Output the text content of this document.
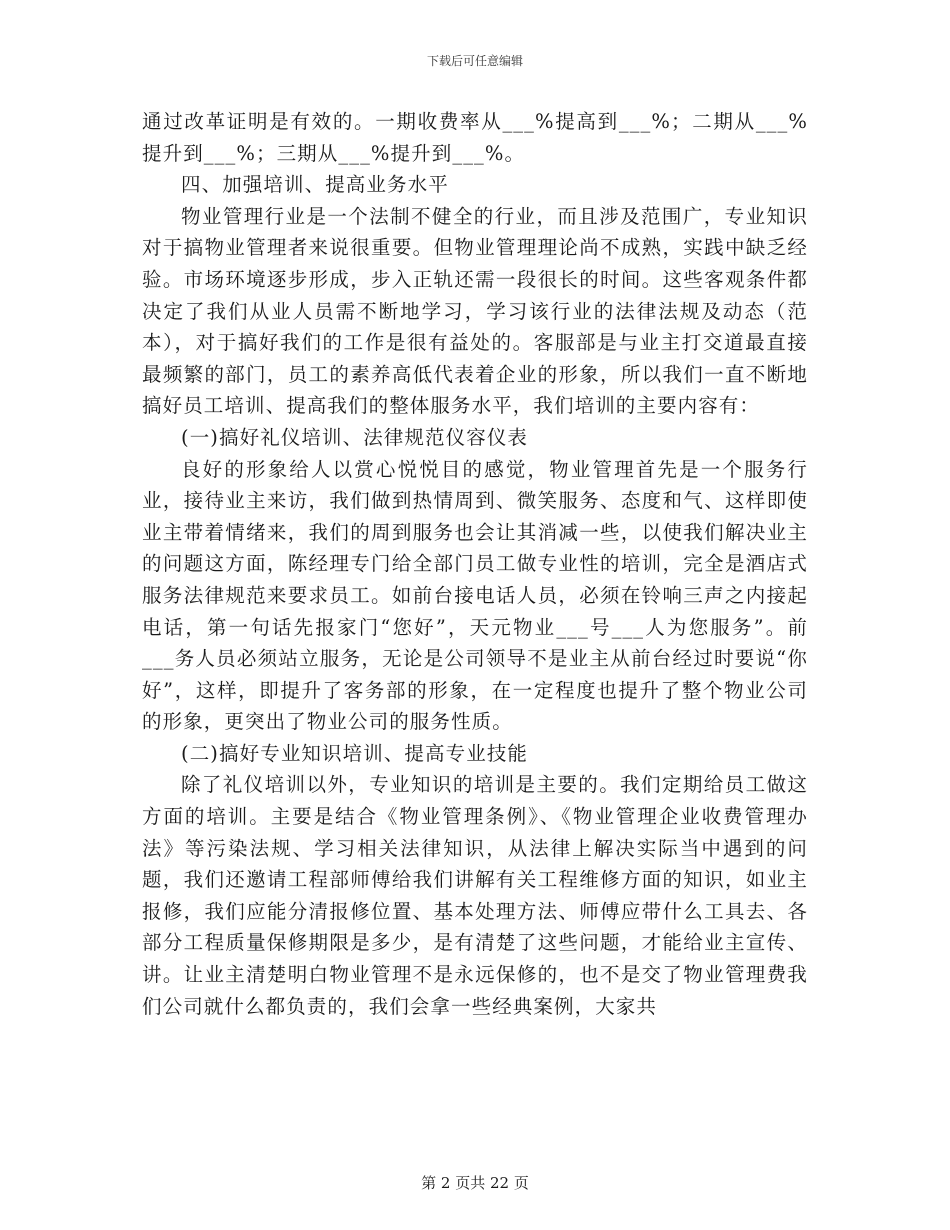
下载后可任意编辑

通过改革证明是有效的。一期收费率从___%提高到___%；二期从___%提升到___%；三期从___%提升到___%。

四、加强培训、提高业务水平

物业管理行业是一个法制不健全的行业，而且涉及范围广，专业知识对于搞物业管理者来说很重要。但物业管理理论尚不成熟，实践中缺乏经验。市场环境逐步形成，步入正轨还需一段很长的时间。这些客观条件都决定了我们从业人员需不断地学习，学习该行业的法律法规及动态（范本），对于搞好我们的工作是很有益处的。客服部是与业主打交道最直接最频繁的部门，员工的素养高低代表着企业的形象，所以我们一直不断地搞好员工培训、提高我们的整体服务水平，我们培训的主要内容有：

(一)搞好礼仪培训、法律规范仪容仪表

良好的形象给人以赏心悦悦目的感觉，物业管理首先是一个服务行业，接待业主来访，我们做到热情周到、微笑服务、态度和气、这样即使业主带着情绪来，我们的周到服务也会让其消减一些，以使我们解决业主的问题这方面，陈经理专门给全部门员工做专业性的培训，完全是酒店式服务法律规范来要求员工。如前台接电话人员，必须在铃响三声之内接起电话，第一句话先报家门“您好”，天元物业___号___人为您服务”。前___务人员必须站立服务，无论是公司领导不是业主从前台经过时要说“你好”，这样，即提升了客务部的形象，在一定程度也提升了整个物业公司的形象，更突出了物业公司的服务性质。

(二)搞好专业知识培训、提高专业技能

除了礼仪培训以外，专业知识的培训是主要的。我们定期给员工做这方面的培训。主要是结合《物业管理条例》、《物业管理企业收费管理办法》等污染法规、学习相关法律知识，从法律上解决实际当中遇到的问题，我们还邀请工程部师傅给我们讲解有关工程维修方面的知识，如业主报修，我们应能分清报修位置、基本处理方法、师傅应带什么工具去、各部分工程质量保修期限是多少，是有清楚了这些问题，才能给业主宣传、讲。让业主清楚明白物业管理不是永远保修的，也不是交了物业管理费我们公司就什么都负责的，我们会拿一些经典案例，大家共

第 2 页共 22 页
